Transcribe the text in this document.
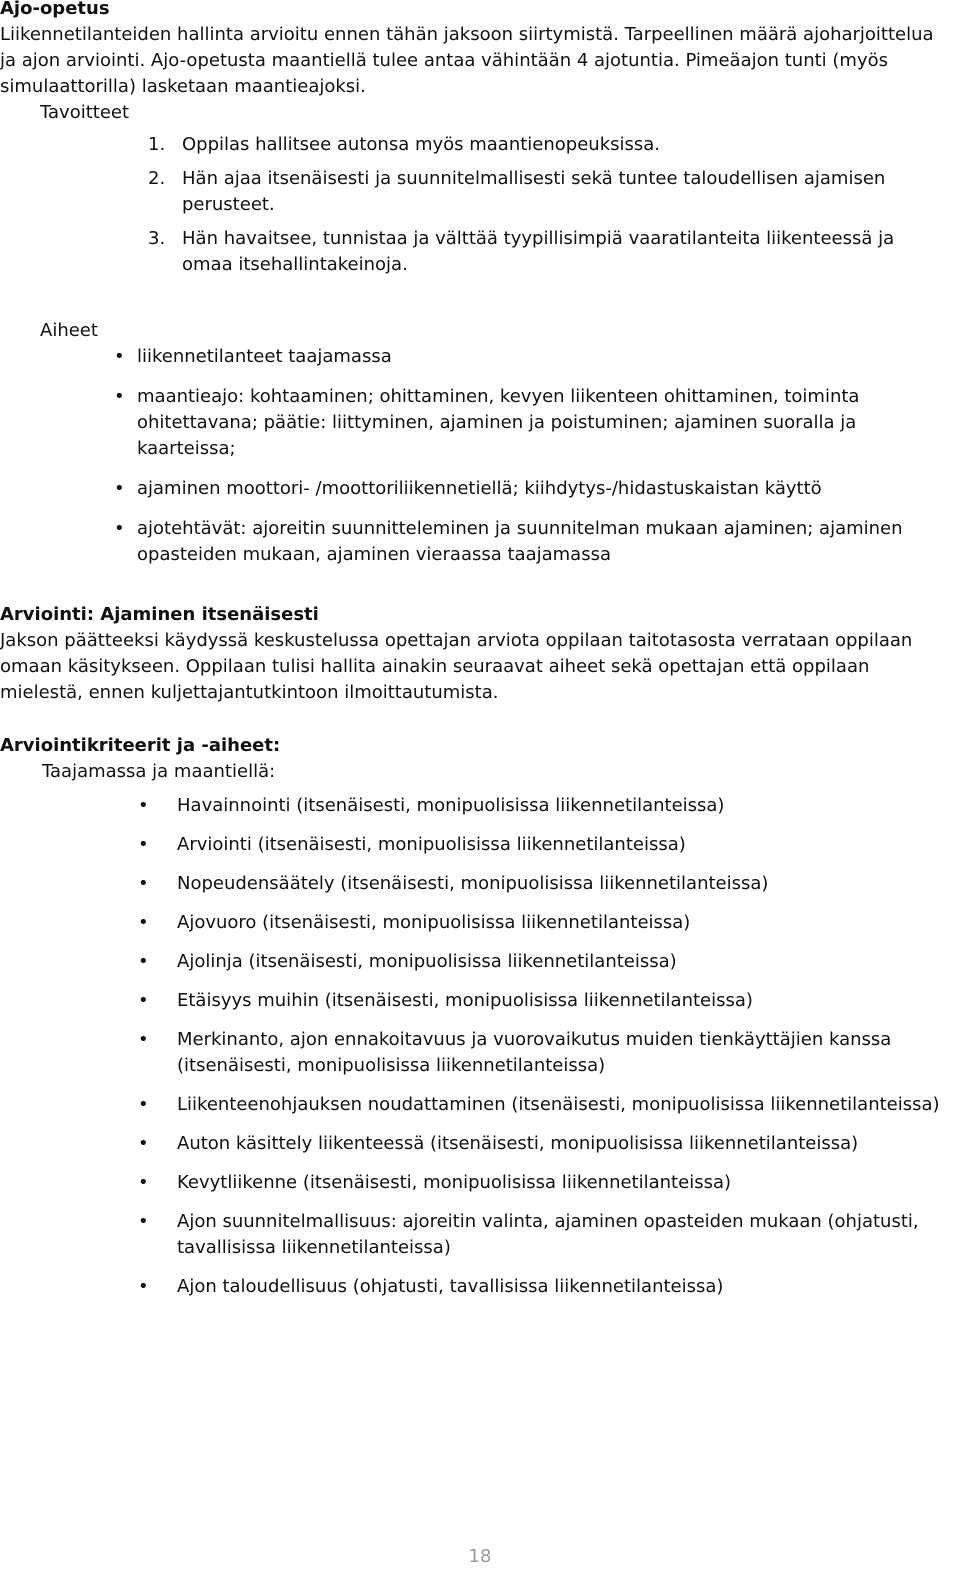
Ajo-opetus

Liikennetilanteiden hallinta arvioitu ennen tähän jaksoon siirtymistä. Tarpeellinen määrä ajoharjoittelua ja ajon arviointi. Ajo-opetusta maantiellä tulee antaa vähintään 4 ajotuntia. Pimeäajon tunti (myös simulaattorilla) lasketaan maantieajoksi.

Tavoitteet

1. Oppilas hallitsee autonsa myös maantienopeuksissa.
2. Hän ajaa itsenäisesti ja suunnitelmallisesti sekä tuntee taloudellisen ajamisen perusteet.
3. Hän havaitsee, tunnistaa ja välttää tyypillisimpiä vaaratilanteita liikenteessä ja omaa itsehallintakeinoja.

Aiheet

• liikennetilanteet taajamassa
• maantieajo: kohtaaminen; ohittaminen, kevyen liikenteen ohittaminen, toiminta ohitettavana; päätie: liittyminen, ajaminen ja poistuminen; ajaminen suoralla ja kaarteissa;
• ajaminen moottori- /moottoriliikennetiellä; kiihdytys-/hidastuskaistan käyttö
• ajotehtävät: ajoreitin suunnitteleminen ja suunnitelman mukaan ajaminen; ajaminen opasteiden mukaan, ajaminen vieraassa taajamassa

Arviointi: Ajaminen itsenäisesti

Jakson päätteeksi käydyssä keskustelussa opettajan arviota oppilaan taitotasosta verrataan oppilaan omaan käsitykseen. Oppilaan tulisi hallita ainakin seuraavat aiheet sekä opettajan että oppilaan mielestä, ennen kuljettajantutkintoon ilmoittautumista.

Arviointikriteerit ja -aiheet:

Taajamassa ja maantiellä:

• Havainnointi (itsenäisesti, monipuolisissa liikennetilanteissa)
• Arviointi (itsenäisesti, monipuolisissa liikennetilanteissa)
• Nopeudensäätely (itsenäisesti, monipuolisissa liikennetilanteissa)
• Ajovuoro (itsenäisesti, monipuolisissa liikennetilanteissa)
• Ajolinja (itsenäisesti, monipuolisissa liikennetilanteissa)
• Etäisyys muihin (itsenäisesti, monipuolisissa liikennetilanteissa)
• Merkinanto, ajon ennakoitavuus ja vuorovaikutus muiden tienkäyttäjien kanssa (itsenäisesti, monipuolisissa liikennetilanteissa)
• Liikenteenohjauksen noudattaminen (itsenäisesti, monipuolisissa liikennetilanteissa)
• Auton käsittely liikenteessä (itsenäisesti, monipuolisissa liikennetilanteissa)
• Kevytliikenne (itsenäisesti, monipuolisissa liikennetilanteissa)
• Ajon suunnitelmallisuus: ajoreitin valinta, ajaminen opasteiden mukaan (ohjatusti, tavallisissa liikennetilanteissa)
• Ajon taloudellisuus (ohjatusti, tavallisissa liikennetilanteissa)
18
